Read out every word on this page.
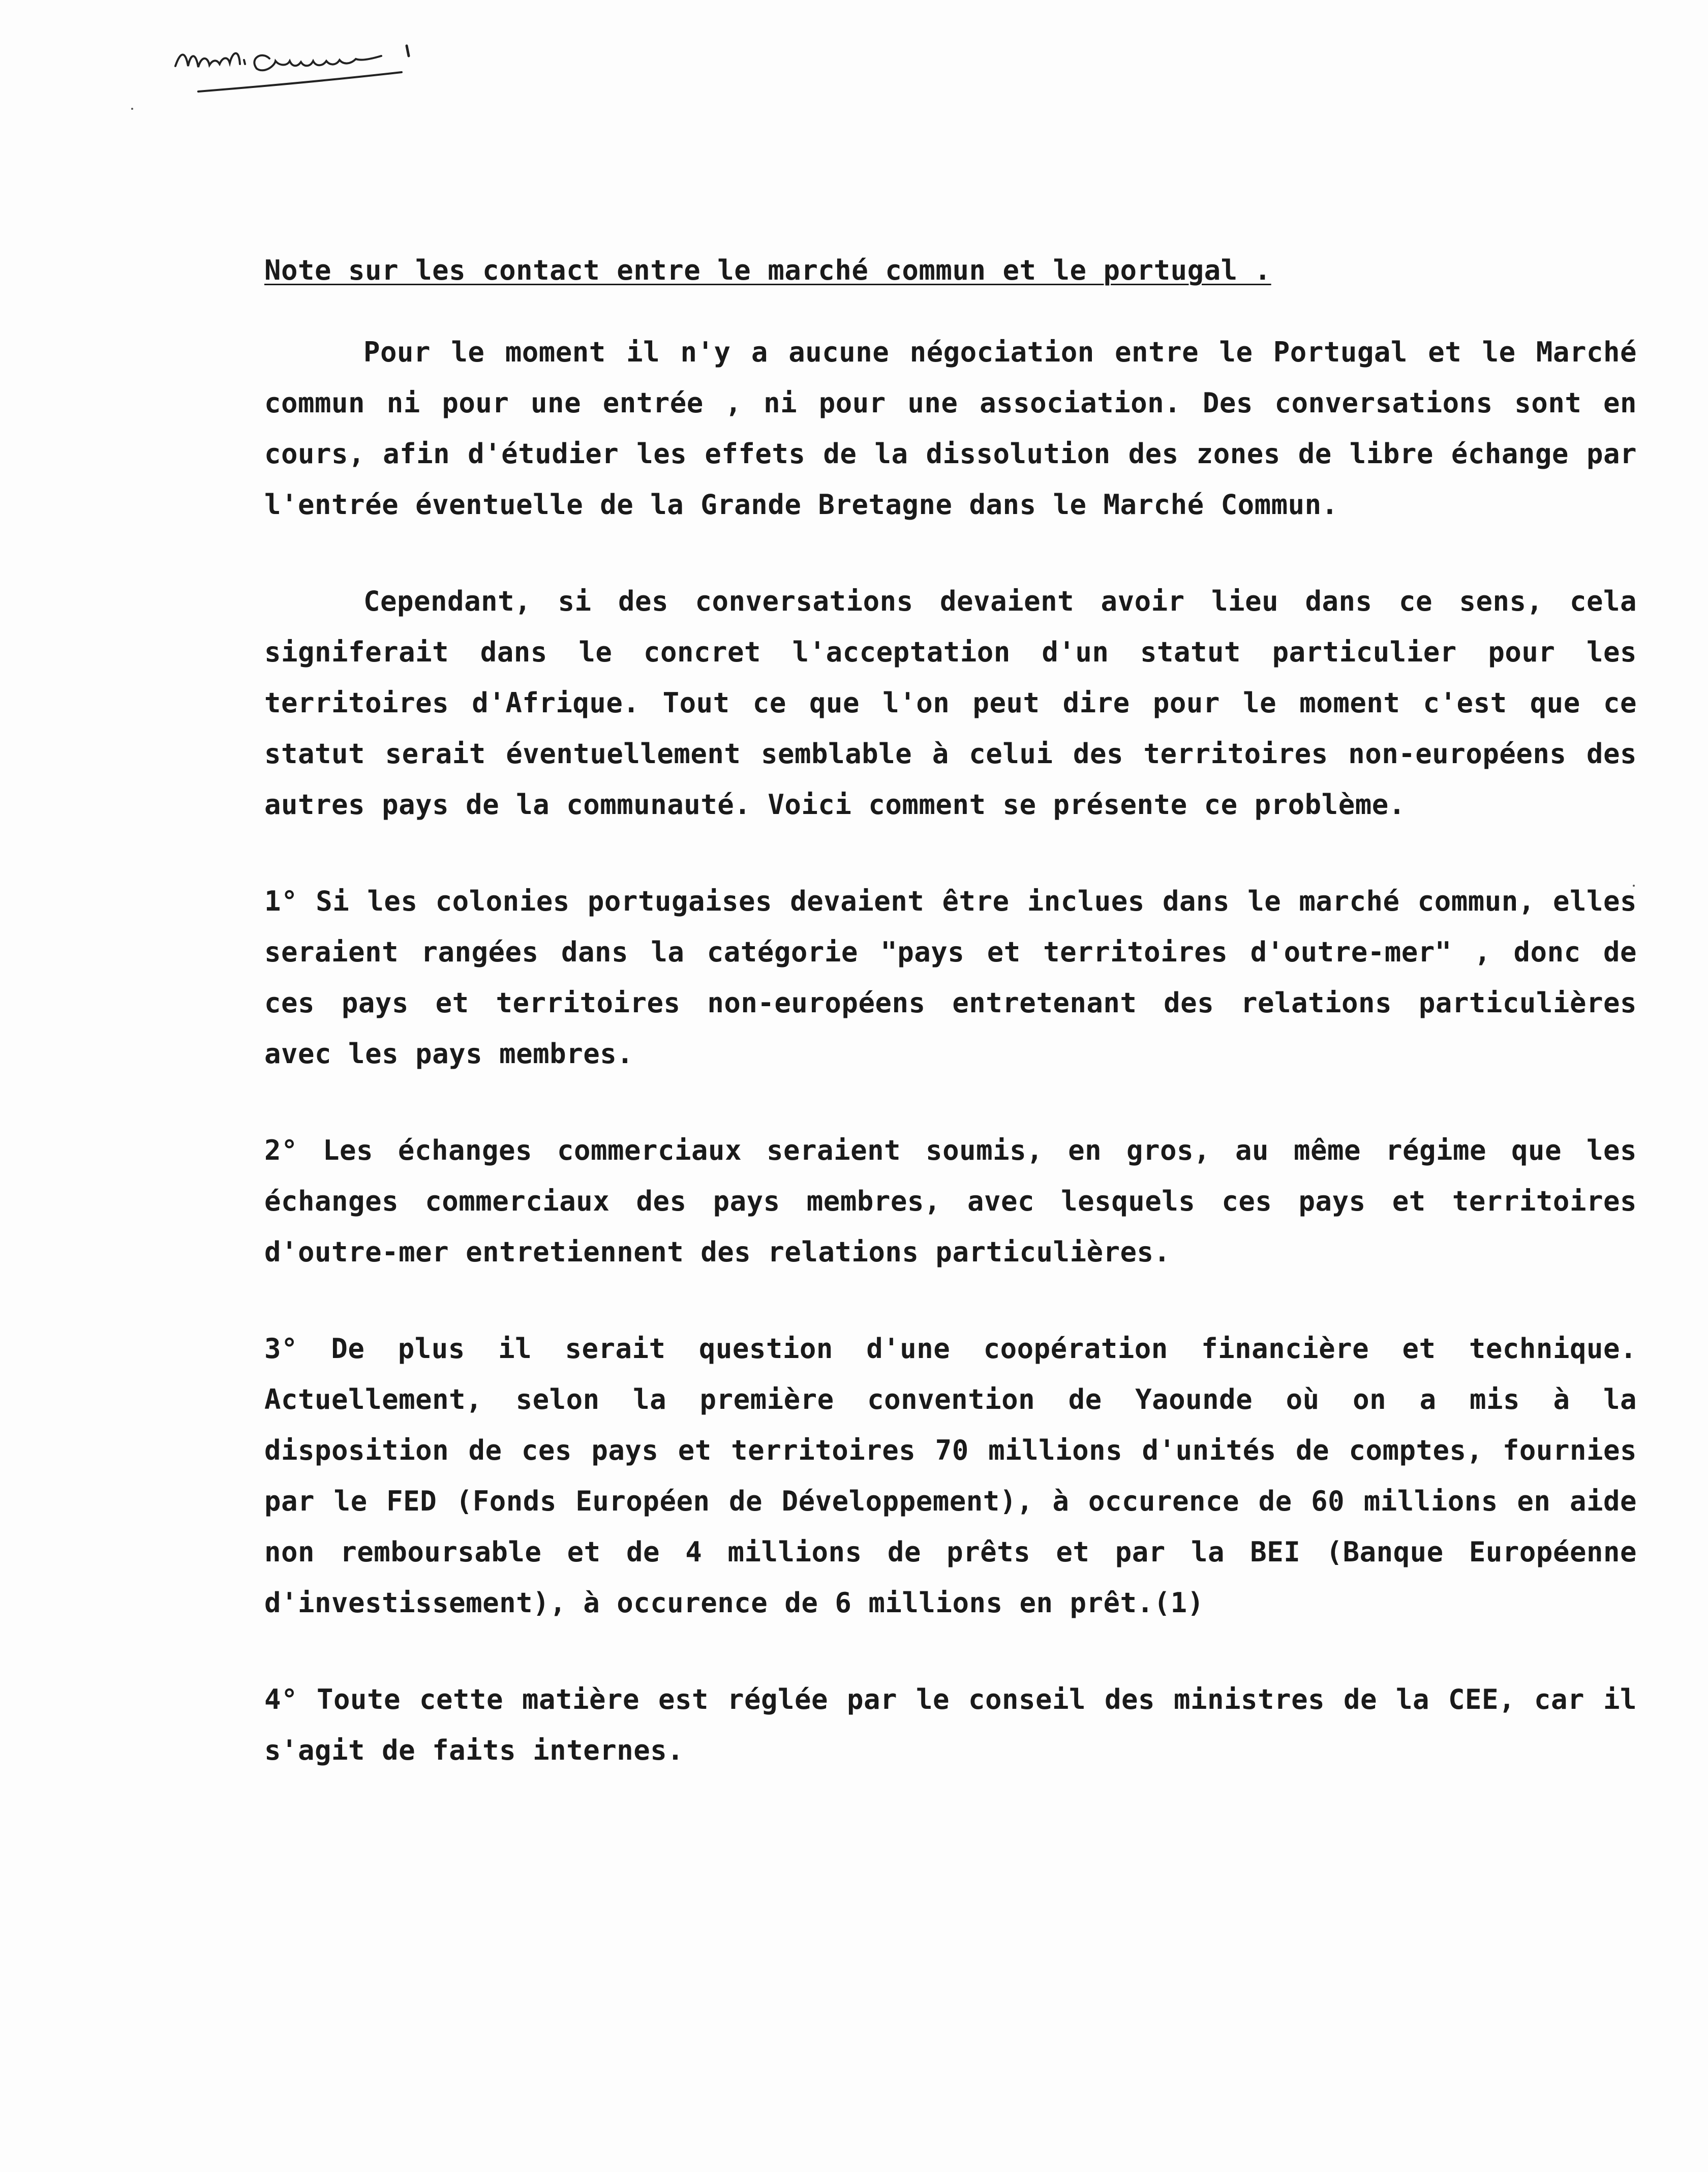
Note sur les contact entre le marché commun et le portugal .

Pour le moment il n'y a aucune négociation entre le Portugal et le Marché commun ni pour une entrée , ni pour une association. Des conversations sont en cours, afin d'étudier les effets de la dissolution des zones de libre échange par l'entrée éventuelle de la Grande Bretagne dans le Marché Commun.

Cependant, si des conversations devaient avoir lieu dans ce sens, cela signiferait dans le concret l'acceptation d'un statut particulier pour les territoires d'Afrique. Tout ce que l'on peut dire pour le moment c'est que ce statut serait éventuellement semblable à celui des territoires non-européens des autres pays de la communauté. Voici comment se présente ce problème.

1° Si les colonies portugaises devaient être inclues dans le marché commun, elles seraient rangées dans la catégorie "pays et territoires d'outre-mer" , donc de ces pays et territoires non-européens entretenant des relations particulières avec les pays membres.

2° Les échanges commerciaux seraient soumis, en gros, au même régime que les échanges commerciaux des pays membres, avec lesquels ces pays et territoires d'outre-mer entretiennent des relations particulières.

3° De plus il serait question d'une coopération financière et technique. Actuellement, selon la première convention de Yaounde où on a mis à la disposition de ces pays et territoires 70 millions d'unités de comptes, fournies par le FED (Fonds Européen de Développement), à occurence de 60 millions en aide non remboursable et de 4 millions de prêts et par la BEI (Banque Européenne d'investissement), à occurence de 6 millions en prêt.(1)

4° Toute cette matière est réglée par le conseil des ministres de la CEE, car il s'agit de faits internes.
